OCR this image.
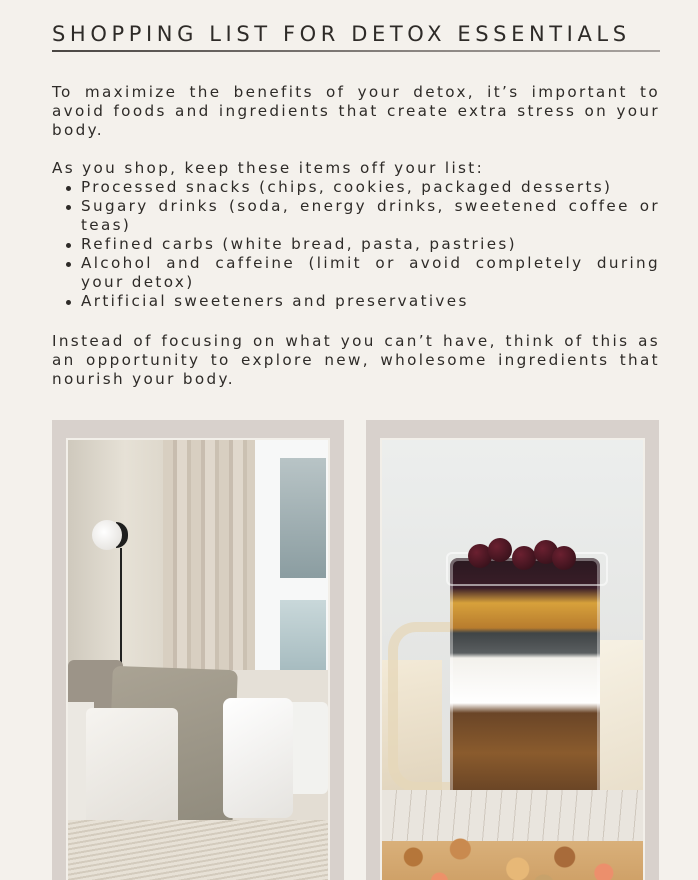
SHOPPING LIST FOR DETOX ESSENTIALS

To maximize the benefits of your detox, it’s important to avoid foods and ingredients that create extra stress on your body.

As you shop, keep these items off your list:

Processed snacks (chips, cookies, packaged desserts)
Sugary drinks (soda, energy drinks, sweetened coffee or teas)
Refined carbs (white bread, pasta, pastries)
Alcohol and caffeine (limit or avoid completely during your detox)
Artificial sweeteners and preservatives

Instead of focusing on what you can’t have, think of this as an opportunity to explore new, wholesome ingredients that nourish your body.
